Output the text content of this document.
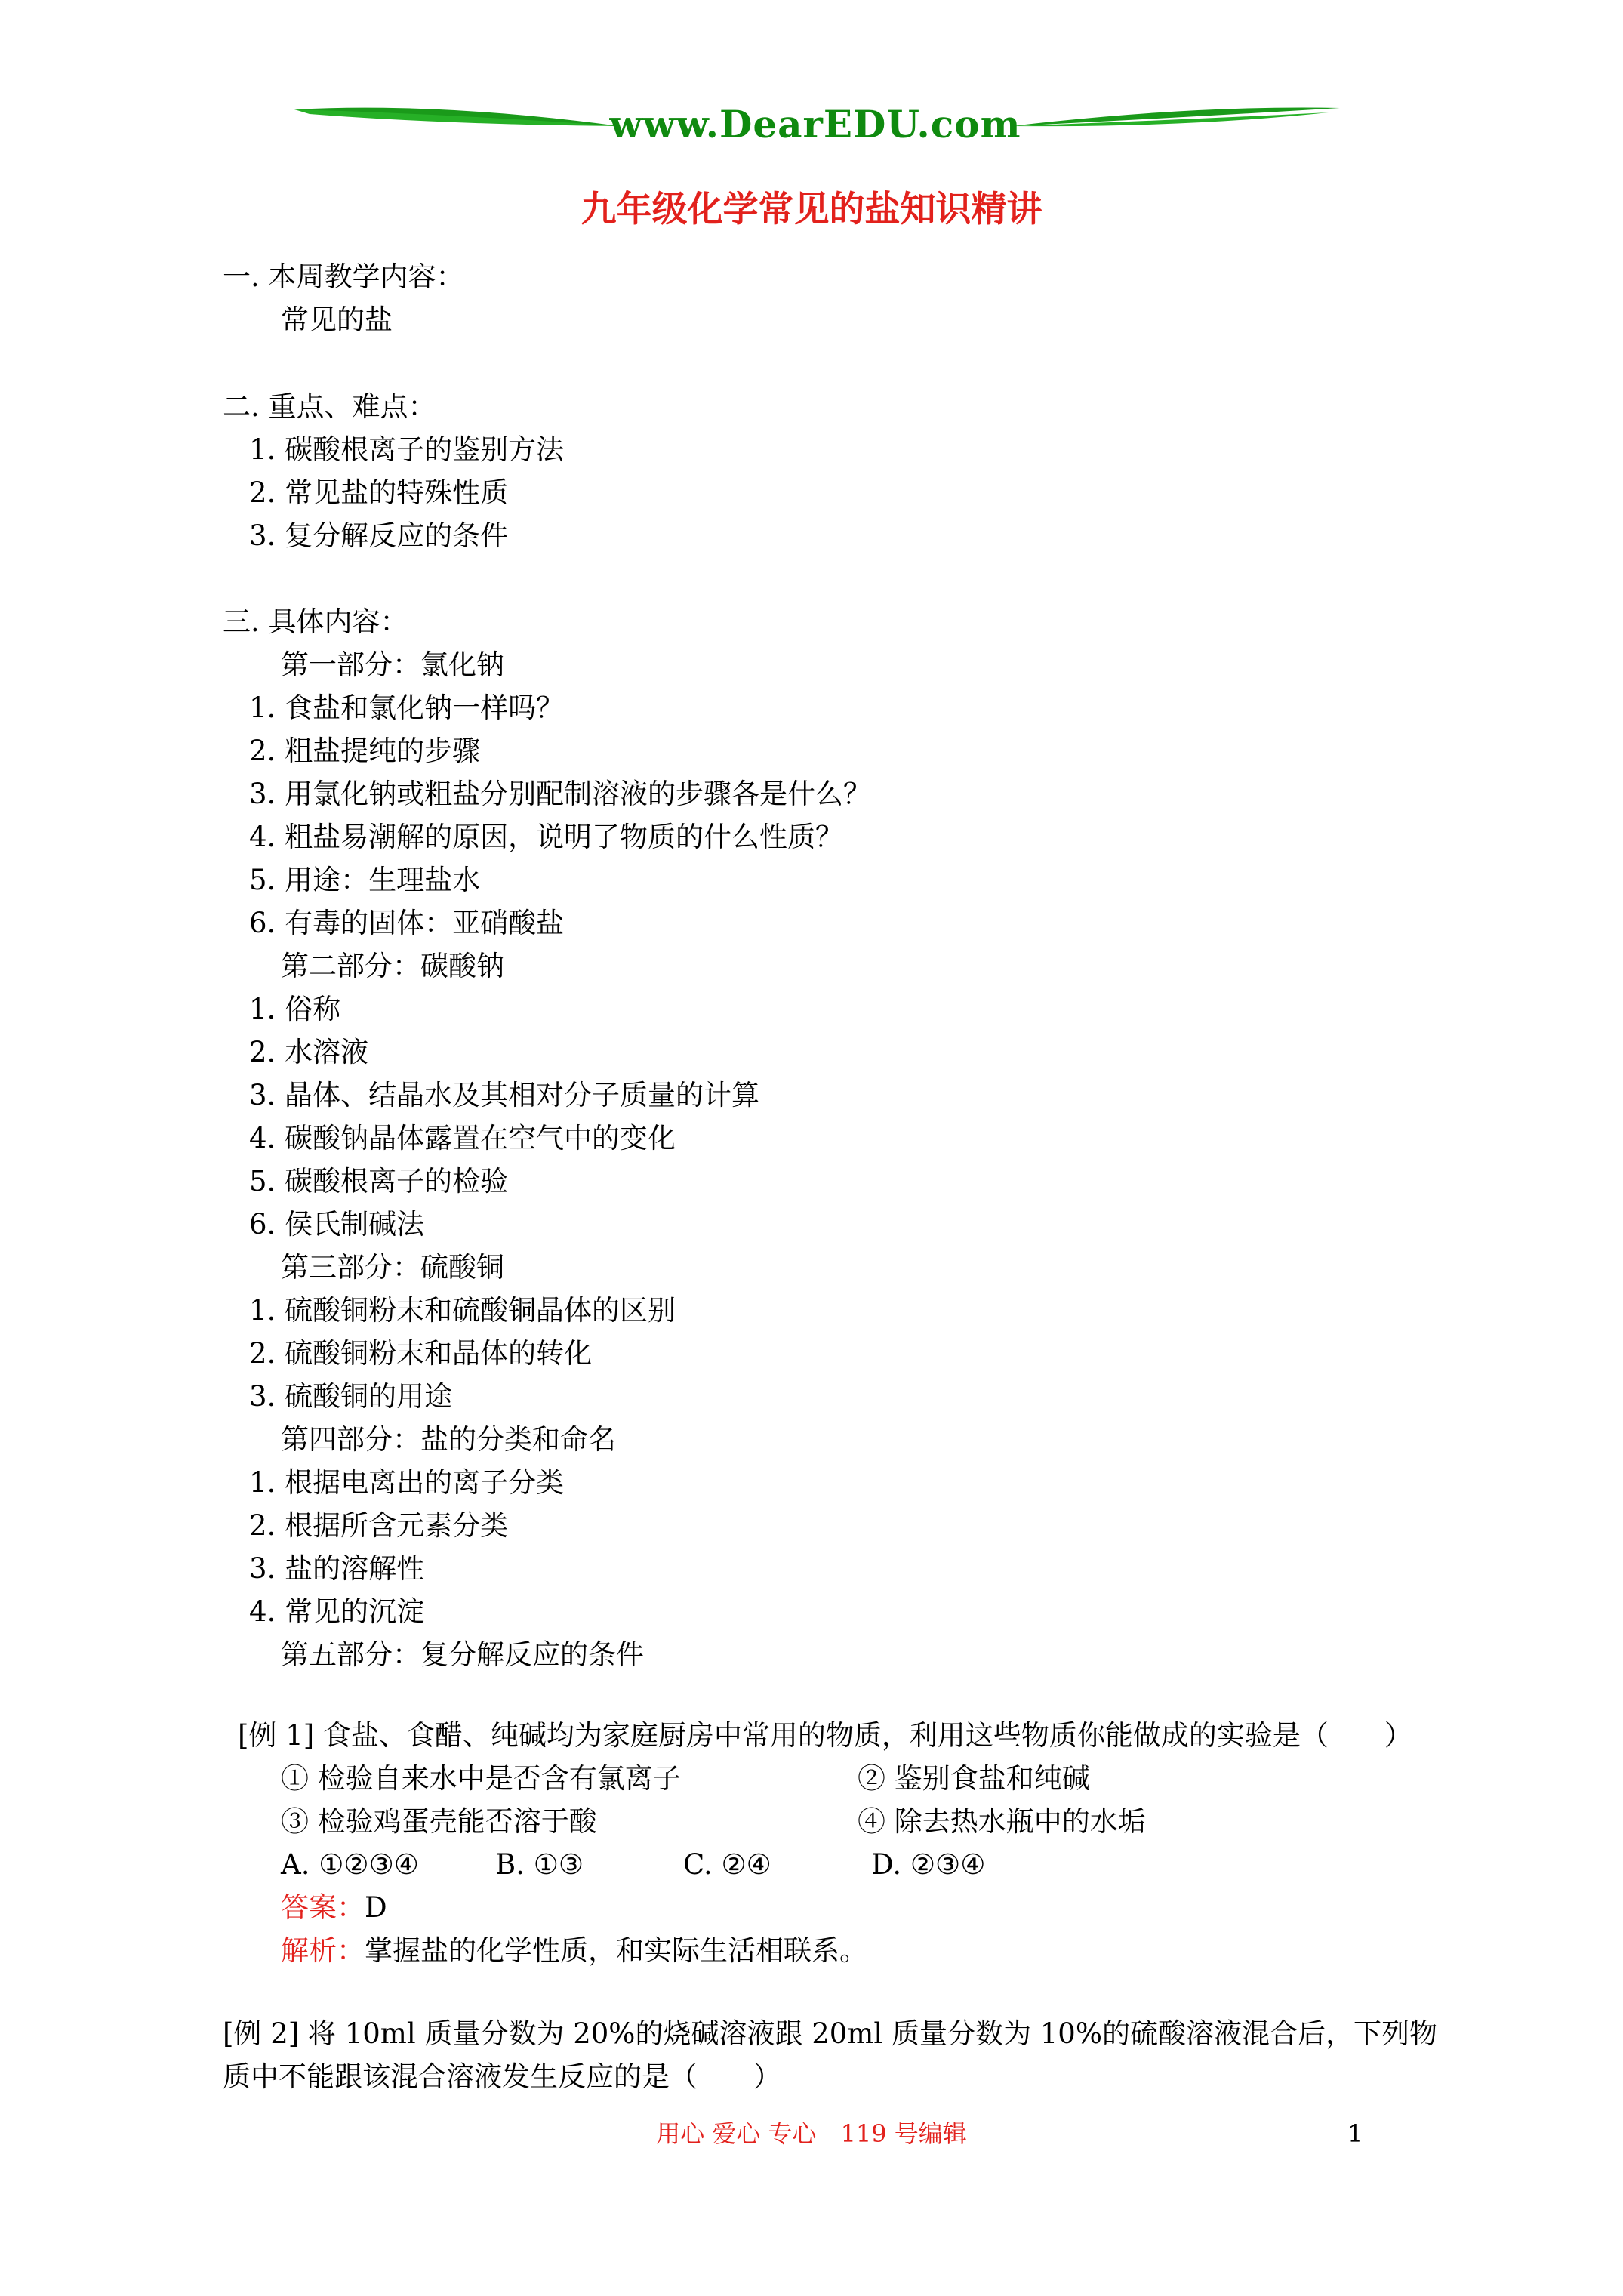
www.DearEDU.com
九年级化学常见的盐知识精讲
一. 本周教学内容：
常见的盐
二. 重点、难点：
1. 碳酸根离子的鉴别方法
2. 常见盐的特殊性质
3. 复分解反应的条件
三. 具体内容：
第一部分：氯化钠
1. 食盐和氯化钠一样吗？
2. 粗盐提纯的步骤
3. 用氯化钠或粗盐分别配制溶液的步骤各是什么？
4. 粗盐易潮解的原因，说明了物质的什么性质？
5. 用途：生理盐水
6. 有毒的固体：亚硝酸盐
第二部分：碳酸钠
1. 俗称
2. 水溶液
3. 晶体、结晶水及其相对分子质量的计算
4. 碳酸钠晶体露置在空气中的变化
5. 碳酸根离子的检验
6. 侯氏制碱法
第三部分：硫酸铜
1. 硫酸铜粉末和硫酸铜晶体的区别
2. 硫酸铜粉末和晶体的转化
3. 硫酸铜的用途
第四部分：盐的分类和命名
1. 根据电离出的离子分类
2. 根据所含元素分类
3. 盐的溶解性
4. 常见的沉淀
第五部分：复分解反应的条件
[例 1] 食盐、食醋、纯碱均为家庭厨房中常用的物质，利用这些物质你能做成的实验是（　　）
① 检验自来水中是否含有氯离子	② 鉴别食盐和纯碱
③ 检验鸡蛋壳能否溶于酸	④ 除去热水瓶中的水垢
A. ①②③④	B. ①③	C. ②④	D. ②③④
答案：D
解析：掌握盐的化学性质，和实际生活相联系。
[例 2] 将 10ml 质量分数为 20%的烧碱溶液跟 20ml 质量分数为 10%的硫酸溶液混合后，下列物
质中不能跟该混合溶液发生反应的是（　　）
用心 爱心 专心　119 号编辑	1
